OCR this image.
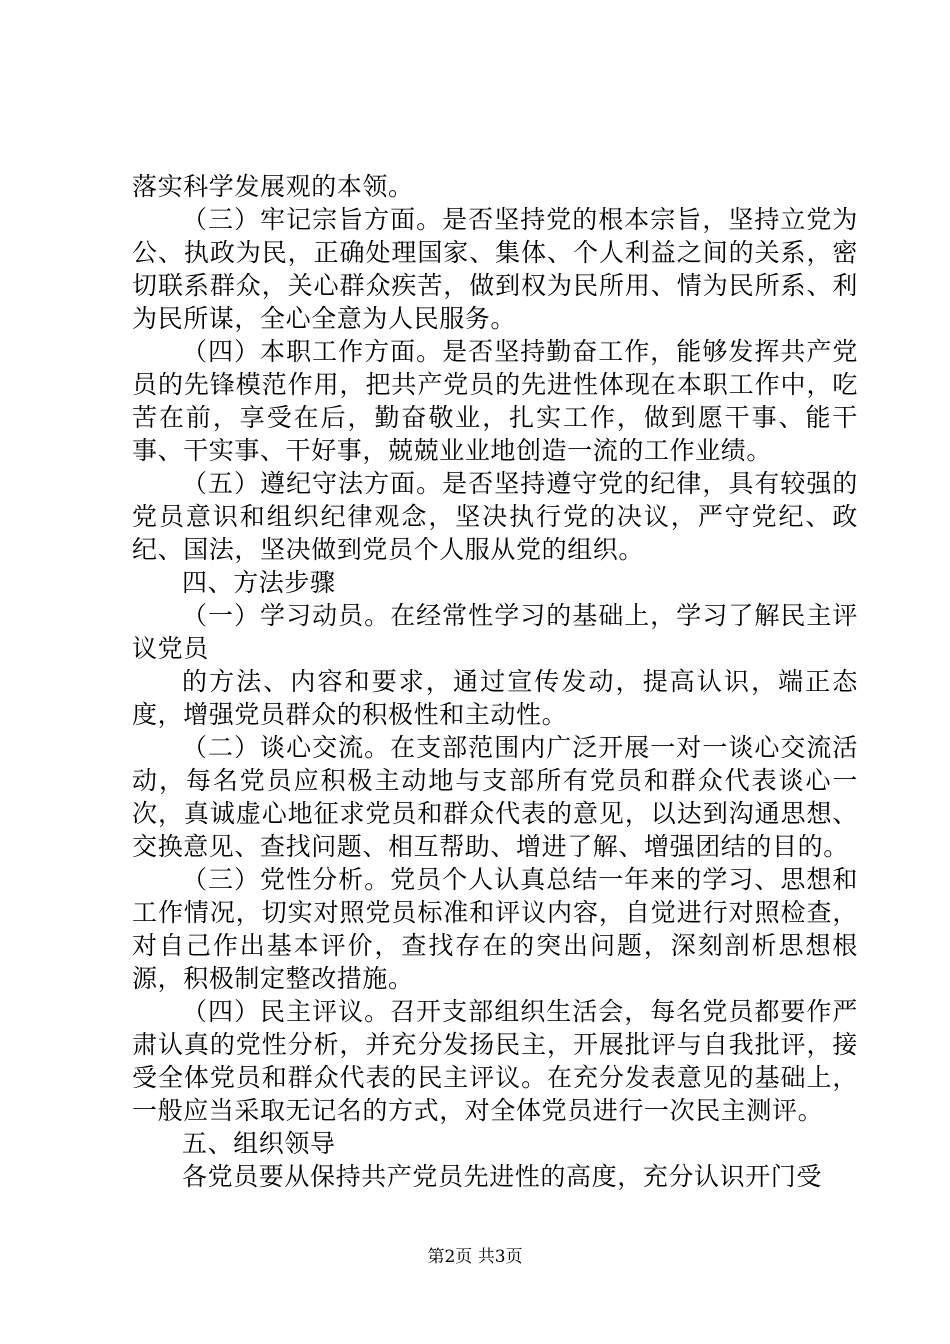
落实科学发展观的本领。

（三）牢记宗旨方面。是否坚持党的根本宗旨，坚持立党为公、执政为民，正确处理国家、集体、个人利益之间的关系，密切联系群众，关心群众疾苦，做到权为民所用、情为民所系、利为民所谋，全心全意为人民服务。

（四）本职工作方面。是否坚持勤奋工作，能够发挥共产党员的先锋模范作用，把共产党员的先进性体现在本职工作中，吃苦在前，享受在后，勤奋敬业，扎实工作，做到愿干事、能干事、干实事、干好事，兢兢业业地创造一流的工作业绩。

（五）遵纪守法方面。是否坚持遵守党的纪律，具有较强的党员意识和组织纪律观念，坚决执行党的决议，严守党纪、政纪、国法，坚决做到党员个人服从党的组织。

四、方法步骤

（一）学习动员。在经常性学习的基础上，学习了解民主评议党员

的方法、内容和要求，通过宣传发动，提高认识，端正态度，增强党员群众的积极性和主动性。

（二）谈心交流。在支部范围内广泛开展一对一谈心交流活动，每名党员应积极主动地与支部所有党员和群众代表谈心一次，真诚虚心地征求党员和群众代表的意见，以达到沟通思想、交换意见、查找问题、相互帮助、增进了解、增强团结的目的。

（三）党性分析。党员个人认真总结一年来的学习、思想和工作情况，切实对照党员标准和评议内容，自觉进行对照检查，对自己作出基本评价，查找存在的突出问题，深刻剖析思想根源，积极制定整改措施。

（四）民主评议。召开支部组织生活会，每名党员都要作严肃认真的党性分析，并充分发扬民主，开展批评与自我批评，接受全体党员和群众代表的民主评议。在充分发表意见的基础上，一般应当采取无记名的方式，对全体党员进行一次民主测评。

五、组织领导

各党员要从保持共产党员先进性的高度，充分认识开门受

第2页 共3页
